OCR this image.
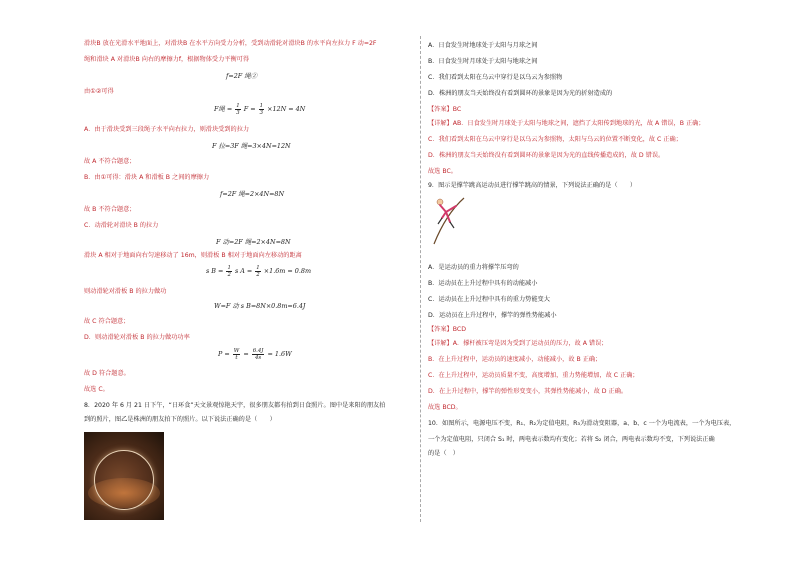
滑块B 放在光滑水平地面上，对滑块B 在水平方向受力分析，受到动滑轮对滑块B 的水平向左拉力 F 动=2F
绳和滑块 A 对滑块B 向右的摩擦力f，根据物体受力平衡可得
f=2F 绳②
由①②可得
F绳 = $\frac{1}{3}$ $F = \frac{1}{3} \times 12N = 4N$
A．由于滑块受到三段绳子水平向右拉力，则滑块受到的拉力
F 拉=3F 绳=3×4N=12N
故 A 不符合题意；
B．由①可得：滑块 A 和滑板 B 之间的摩擦力
f=2F 绳=2×4N=8N
故 B 不符合题意；
C．动滑轮对滑块 B 的拉力
F 动=2F 绳=2×4N=8N
滑块 A 相对于地面向右匀速移动了 16m，则滑板 B 相对于地面向左移动的距离
s $B = \frac{1}{2}$ s $A = \frac{1}{2} \times 1.6m = 0.8m$
则动滑轮对滑板 B 的拉力做功
W=F 动 s B=8N×0.8m=6.4J
故 C 符合题意；
D．则动滑轮对滑板 B 的拉力做功功率
$P = \frac{W}{t} = \frac{6.4J}{4s} = 1.6W$
故 D 符合题意。
故选 C。
8．2020 年 6 月 21 日下午，“日环食”天文景观惊艳天宇，很多朋友都有拍到日食照片。图中是来阳的朋友拍
到的照片，图乙是株洲的朋友拍下的照片。以下说法正确的是（　　）
A．日食发生时地球处于太阳与月球之间
B．日食发生时月球处于太阳与地球之间
C．我们看到太阳在乌云中穿行是以乌云为参照物
D．株洲的朋友当天始终没有看到圆环的景象是因为光的折射造成的
【答案】BC
【详解】AB．日食发生时月球处于太阳与地球之间，遮挡了太阳传到地球的光，故 A 错误，B 正确；
C．我们看到太阳在乌云中穿行是以乌云为参照物，太阳与乌云的位置不断变化，故 C 正确；
D．株洲的朋友当天始终没有看到圆环的景象是因为光的直线传播造成的，故 D 错误。
故选 BC。
9．图示是撑竿跳高运动员进行撑竿跳高的情景，下列说法正确的是（　　）
A．是运动员的重力将撑竿压弯的
B．运动员在上升过程中具有的动能减小
C．运动员在上升过程中具有的重力势能变大
D．运动员在上升过程中，撑竿的弹性势能减小
【答案】BCD
【详解】A．撑杆被压弯是因为受到了运动员的压力，故 A 错误；
B．在上升过程中，运动员的速度减小，动能减小，故 B 正确；
C．在上升过程中，运动员质量不变，高度增加，重力势能增加，故 C 正确；
D．在上升过程中，撑竿的弹性形变变小，其弹性势能减小，故 D 正确。
故选 BCD。
10．如图所示，电源电压不变，R₁、R₂为定值电阻，R₃为滑动变阻器，a、b、c 一个为电流表，一个为电压表，
一个为定值电阻，只闭合 S₁ 时，两电表示数均有变化；若将 S₂ 闭合，两电表示数均不变，下列说法正确
的是（　）
